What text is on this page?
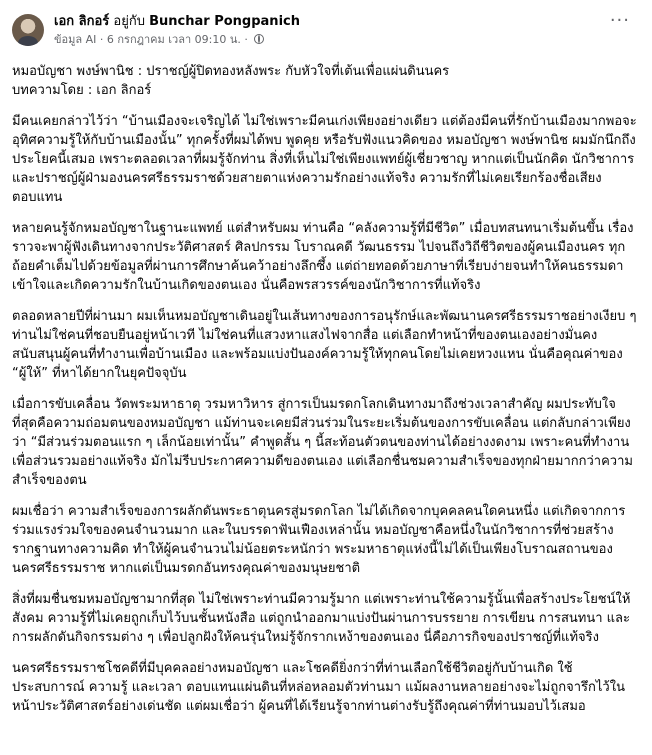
เอก ลิกอร์ อยู่กับ Bunchar Pongpanich
ข้อมูล AI · 6 กรกฎาคม เวลา 09:10 น. ·
···
หมอบัญชา พงษ์พานิช : ปราชญ์ผู้ปิดทองหลังพระ กับหัวใจที่เต้นเพื่อแผ่นดินนคร
บทความโดย : เอก ลิกอร์

มีคนเคยกล่าวไว้ว่า “บ้านเมืองจะเจริญได้ ไม่ใช่เพราะมีคนเก่งเพียงอย่างเดียว แต่ต้องมีคนที่รักบ้านเมืองมากพอจะอุทิศความรู้ให้กับบ้านเมืองนั้น” ทุกครั้งที่ผมได้พบ พูดคุย หรือรับฟังแนวคิดของ หมอบัญชา พงษ์พานิช ผมมักนึกถึงประโยคนี้เสมอ เพราะตลอดเวลาที่ผมรู้จักท่าน สิ่งที่เห็นไม่ใช่เพียงแพทย์ผู้เชี่ยวชาญ หากแต่เป็นนักคิด นักวิชาการ และปราชญ์ผู้ฝ่ามองนครศรีธรรมราชด้วยสายตาแห่งความรักอย่างแท้จริง ความรักที่ไม่เคยเรียกร้องชื่อเสียงตอบแทน

หลายคนรู้จักหมอบัญชาในฐานะแพทย์ แต่สำหรับผม ท่านคือ “คลังความรู้ที่มีชีวิต” เมื่อบทสนทนาเริ่มต้นขึ้น เรื่องราวจะพาผู้ฟังเดินทางจากประวัติศาสตร์ ศิลปกรรม โบราณคดี วัฒนธรรม ไปจนถึงวิถีชีวิตของผู้คนเมืองนคร ทุกถ้อยคำเต็มไปด้วยข้อมูลที่ผ่านการศึกษาค้นคว้าอย่างลึกซึ้ง แต่ถ่ายทอดด้วยภาษาที่เรียบง่ายจนทำให้คนธรรมดาเข้าใจและเกิดความรักในบ้านเกิดของตนเอง นั่นคือพรสวรรค์ของนักวิชาการที่แท้จริง

ตลอดหลายปีที่ผ่านมา ผมเห็นหมอบัญชาเดินอยู่ในเส้นทางของการอนุรักษ์และพัฒนานครศรีธรรมราชอย่างเงียบ ๆ ท่านไม่ใช่คนที่ชอบยืนอยู่หน้าเวที ไม่ใช่คนที่แสวงหาแสงไฟจากสื่อ แต่เลือกทำหน้าที่ของตนเองอย่างมั่นคง สนับสนุนผู้คนที่ทำงานเพื่อบ้านเมือง และพร้อมแบ่งปันองค์ความรู้ให้ทุกคนโดยไม่เคยหวงแหน นั่นคือคุณค่าของ “ผู้ให้” ที่หาได้ยากในยุคปัจจุบัน

เมื่อการขับเคลื่อน วัดพระมหาธาตุ วรมหาวิหาร สู่การเป็นมรดกโลกเดินทางมาถึงช่วงเวลาสำคัญ ผมประทับใจที่สุดคือความถ่อมตนของหมอบัญชา แม้ท่านจะเคยมีส่วนร่วมในระยะเริ่มต้นของการขับเคลื่อน แต่กลับกล่าวเพียงว่า “มีส่วนร่วมตอนแรก ๆ เล็กน้อยเท่านั้น” คำพูดสั้น ๆ นี้สะท้อนตัวตนของท่านได้อย่างงดงาม เพราะคนที่ทำงานเพื่อส่วนรวมอย่างแท้จริง มักไม่รีบประกาศความดีของตนเอง แต่เลือกชื่นชมความสำเร็จของทุกฝ่ายมากกว่าความสำเร็จของตน

ผมเชื่อว่า ความสำเร็จของการผลักดันพระธาตุนครสู่มรดกโลก ไม่ได้เกิดจากบุคคลคนใดคนหนึ่ง แต่เกิดจากการร่วมแรงร่วมใจของคนจำนวนมาก และในบรรดาฟันเฟืองเหล่านั้น หมอบัญชาคือหนึ่งในนักวิชาการที่ช่วยสร้างรากฐานทางความคิด ทำให้ผู้คนจำนวนไม่น้อยตระหนักว่า พระมหาธาตุแห่งนี้ไม่ได้เป็นเพียงโบราณสถานของนครศรีธรรมราช หากแต่เป็นมรดกอันทรงคุณค่าของมนุษยชาติ

สิ่งที่ผมชื่นชมหมอบัญชามากที่สุด ไม่ใช่เพราะท่านมีความรู้มาก แต่เพราะท่านใช้ความรู้นั้นเพื่อสร้างประโยชน์ให้สังคม ความรู้ที่ไม่เคยถูกเก็บไว้บนชั้นหนังสือ แต่ถูกนำออกมาแบ่งปันผ่านการบรรยาย การเขียน การสนทนา และการผลักดันกิจกรรมต่าง ๆ เพื่อปลูกฝังให้คนรุ่นใหม่รู้จักรากเหง้าของตนเอง นี่คือภารกิจของปราชญ์ที่แท้จริง

นครศรีธรรมราชโชคดีที่มีบุคคลอย่างหมอบัญชา และโชคดียิ่งกว่าที่ท่านเลือกใช้ชีวิตอยู่กับบ้านเกิด ใช้ประสบการณ์ ความรู้ และเวลา ตอบแทนแผ่นดินที่หล่อหลอมตัวท่านมา แม้ผลงานหลายอย่างจะไม่ถูกจารึกไว้ในหน้าประวัติศาสตร์อย่างเด่นชัด แต่ผมเชื่อว่า ผู้คนที่ได้เรียนรู้จากท่านต่างรับรู้ถึงคุณค่าที่ท่านมอบไว้เสมอ
